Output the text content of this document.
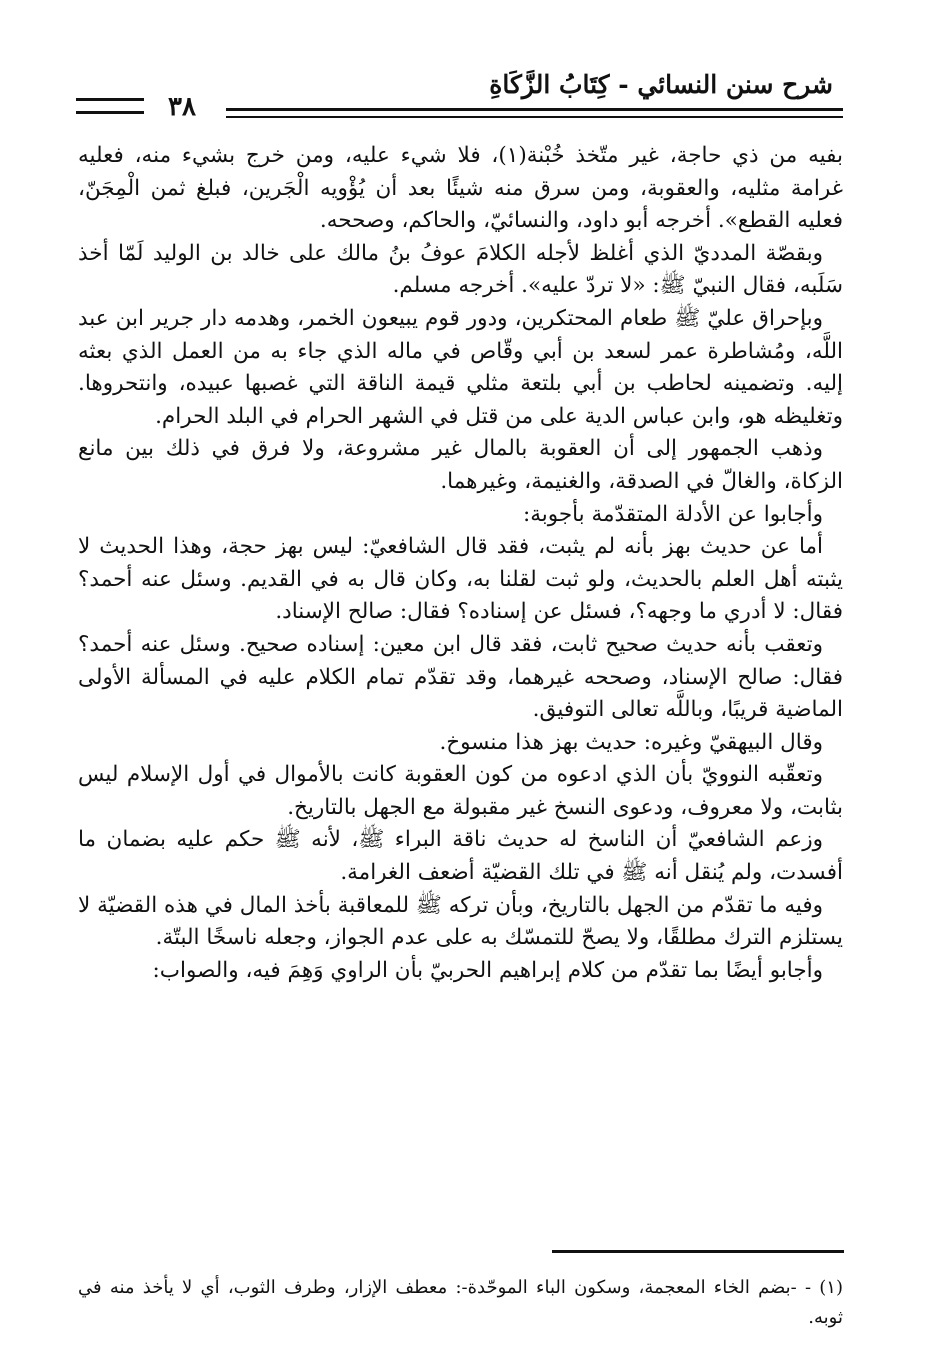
شرح سنن النسائي - كِتَابُ الزَّكَاةِ
٣٨

بفيه من ذي حاجة، غير متّخذ خُبْنة(١)، فلا شيء عليه، ومن خرج بشيء منه، فعليه غرامة مثليه، والعقوبة، ومن سرق منه شيئًا بعد أن يُؤْويه الْجَرين، فبلغ ثمن الْمِجَنّ، فعليه القطع». أخرجه أبو داود، والنسائيّ، والحاكم، وصححه.

وبقصّة المدديّ الذي أغلظ لأجله الكلامَ عوفُ بنُ مالك على خالد بن الوليد لَمّا أخذ سَلَبه، فقال النبيّ ﷺ: «لا تردّ عليه». أخرجه مسلم.

وبإحراق عليّ ﷺ طعام المحتكرين، ودور قوم يبيعون الخمر، وهدمه دار جرير ابن عبد اللَّه، ومُشاطرة عمر لسعد بن أبي وقّاص في ماله الذي جاء به من العمل الذي بعثه إليه. وتضمينه لحاطب بن أبي بلتعة مثلي قيمة الناقة التي غصبها عبيده، وانتحروها. وتغليظه هو، وابن عباس الدية على من قتل في الشهر الحرام في البلد الحرام.

وذهب الجمهور إلى أن العقوبة بالمال غير مشروعة، ولا فرق في ذلك بين مانع الزكاة، والغالّ في الصدقة، والغنيمة، وغيرهما.

وأجابوا عن الأدلة المتقدّمة بأجوبة:

أما عن حديث بهز بأنه لم يثبت، فقد قال الشافعيّ: ليس بهز حجة، وهذا الحديث لا يثبته أهل العلم بالحديث، ولو ثبت لقلنا به، وكان قال به في القديم. وسئل عنه أحمد؟ فقال: لا أدري ما وجهه؟، فسئل عن إسناده؟ فقال: صالح الإسناد.

وتعقب بأنه حديث صحيح ثابت، فقد قال ابن معين: إسناده صحيح. وسئل عنه أحمد؟ فقال: صالح الإسناد، وصححه غيرهما، وقد تقدّم تمام الكلام عليه في المسألة الأولى الماضية قريبًا، وباللَّه تعالى التوفيق.

وقال البيهقيّ وغيره: حديث بهز هذا منسوخ.

وتعقّبه النوويّ بأن الذي ادعوه من كون العقوبة كانت بالأموال في أول الإسلام ليس بثابت، ولا معروف، ودعوى النسخ غير مقبولة مع الجهل بالتاريخ.

وزعم الشافعيّ أن الناسخ له حديث ناقة البراء ﷺ، لأنه ﷺ حكم عليه بضمان ما أفسدت، ولم يُنقل أنه ﷺ في تلك القضيّة أضعف الغرامة.

وفيه ما تقدّم من الجهل بالتاريخ، وبأن تركه ﷺ للمعاقبة بأخذ المال في هذه القضيّة لا يستلزم الترك مطلقًا، ولا يصحّ للتمسّك به على عدم الجواز، وجعله ناسخًا البتّة.

وأجابو أيضًا بما تقدّم من كلام إبراهيم الحربيّ بأن الراوي وَهِمَ فيه، والصواب:

(١) - -بضم الخاء المعجمة، وسكون الباء الموحّدة-: معطف الإزار، وطرف الثوب، أي لا يأخذ منه في ثوبه.
